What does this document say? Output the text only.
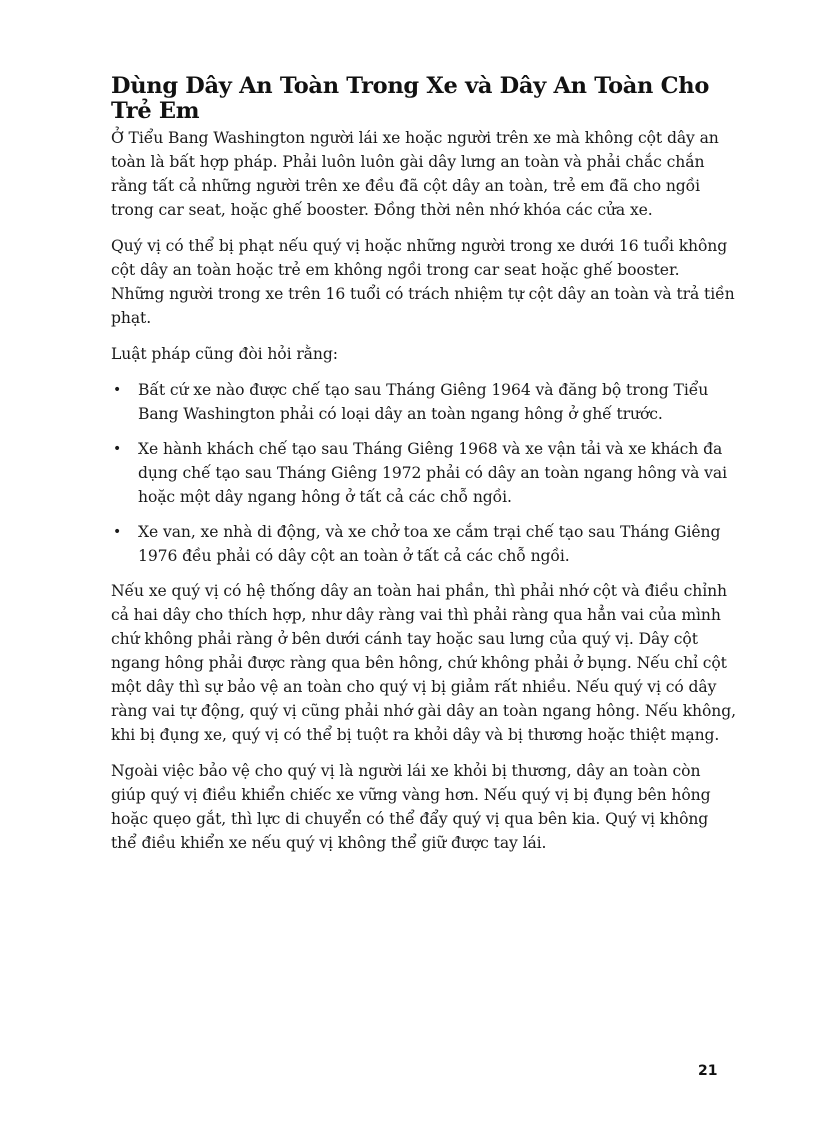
Dùng Dây An Toàn Trong Xe và Dây An Toàn Cho Trẻ Em

Ở Tiểu Bang Washington người lái xe hoặc người trên xe mà không cột dây an toàn là bất hợp pháp. Phải luôn luôn gài dây lưng an toàn và phải chắc chắn rằng tất cả những người trên xe đều đã cột dây an toàn, trẻ em đã cho ngồi trong car seat, hoặc ghế booster. Đồng thời nên nhớ khóa các cửa xe.

Quý vị có thể bị phạt nếu quý vị hoặc những người trong xe dưới 16 tuổi không cột dây an toàn hoặc trẻ em không ngồi trong car seat hoặc ghế booster. Những người trong xe trên 16 tuổi có trách nhiệm tự cột dây an toàn và trả tiền phạt.

Luật pháp cũng đòi hỏi rằng:

• Bất cứ xe nào được chế tạo sau Tháng Giêng 1964 và đăng bộ trong Tiểu Bang Washington phải có loại dây an toàn ngang hông ở ghế trước.
• Xe hành khách chế tạo sau Tháng Giêng 1968 và xe vận tải và xe khách đa dụng chế tạo sau Tháng Giêng 1972 phải có dây an toàn ngang hông và vai hoặc một dây ngang hông ở tất cả các chỗ ngồi.
• Xe van, xe nhà di động, và xe chở toa xe cắm trại chế tạo sau Tháng Giêng 1976 đều phải có dây cột an toàn ở tất cả các chỗ ngồi.

Nếu xe quý vị có hệ thống dây an toàn hai phần, thì phải nhớ cột và điều chỉnh cả hai dây cho thích hợp, như dây ràng vai thì phải ràng qua hẳn vai của mình chứ không phải ràng ở bên dưới cánh tay hoặc sau lưng của quý vị. Dây cột ngang hông phải được ràng qua bên hông, chứ không phải ở bụng. Nếu chỉ cột một dây thì sự bảo vệ an toàn cho quý vị bị giảm rất nhiều. Nếu quý vị có dây ràng vai tự động, quý vị cũng phải nhớ gài dây an toàn ngang hông. Nếu không, khi bị đụng xe, quý vị có thể bị tuột ra khỏi dây và bị thương hoặc thiệt mạng.

Ngoài việc bảo vệ cho quý vị là người lái xe khỏi bị thương, dây an toàn còn giúp quý vị điều khiển chiếc xe vững vàng hơn. Nếu quý vị bị đụng bên hông hoặc quẹo gắt, thì lực di chuyển có thể đẩy quý vị qua bên kia. Quý vị không thể điều khiển xe nếu quý vị không thể giữ được tay lái.

21
